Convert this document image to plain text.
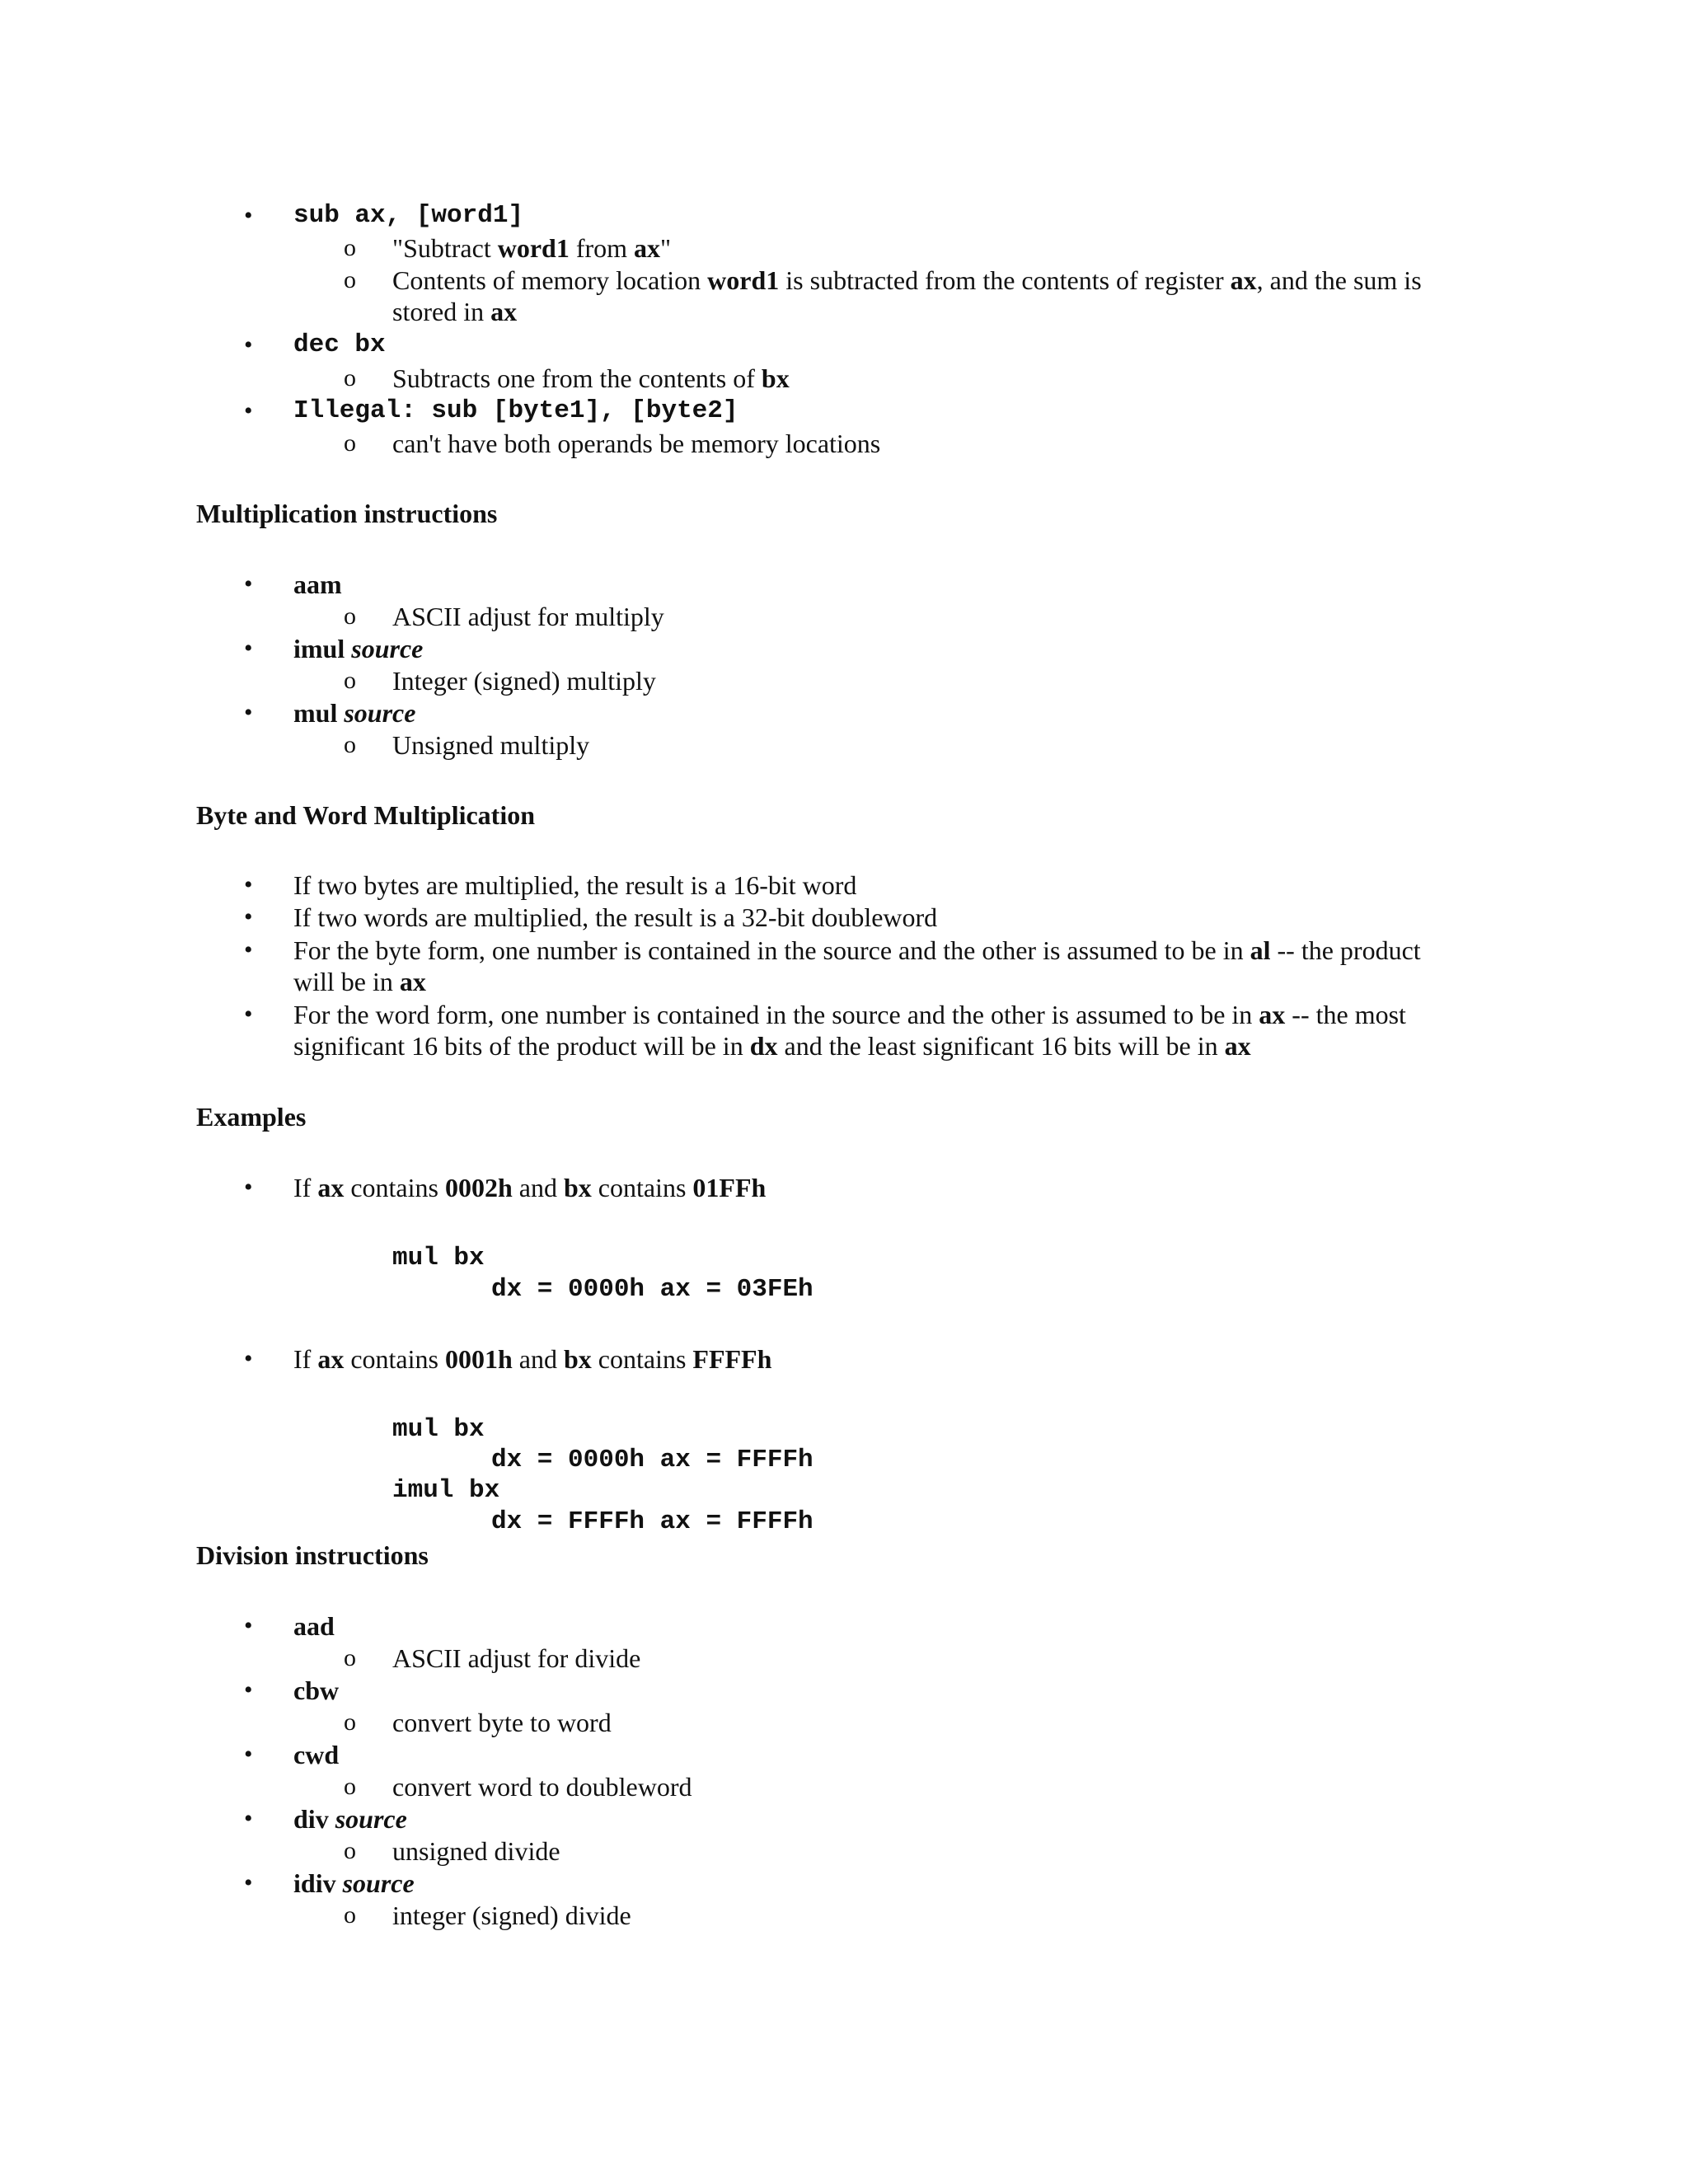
• sub ax, [word1]
o "Subtract word1 from ax"
o Contents of memory location word1 is subtracted from the contents of register ax, and the sum is
stored in ax
• dec bx
o Subtracts one from the contents of bx
• Illegal: sub [byte1], [byte2]
o can't have both operands be memory locations
Multiplication instructions
• aam
o ASCII adjust for multiply
• imul source
o Integer (signed) multiply
• mul source
o Unsigned multiply
Byte and Word Multiplication
• If two bytes are multiplied, the result is a 16-bit word
• If two words are multiplied, the result is a 32-bit doubleword
• For the byte form, one number is contained in the source and the other is assumed to be in al -- the product
will be in ax
• For the word form, one number is contained in the source and the other is assumed to be in ax -- the most
significant 16 bits of the product will be in dx and the least significant 16 bits will be in ax
Examples
• If ax contains 0002h and bx contains 01FFh
mul bx
dx = 0000h ax = 03FEh
• If ax contains 0001h and bx contains FFFFh
mul bx
dx = 0000h ax = FFFFh
imul bx
dx = FFFFh ax = FFFFh
Division instructions
• aad
o ASCII adjust for divide
• cbw
o convert byte to word
• cwd
o convert word to doubleword
• div source
o unsigned divide
• idiv source
o integer (signed) divide
